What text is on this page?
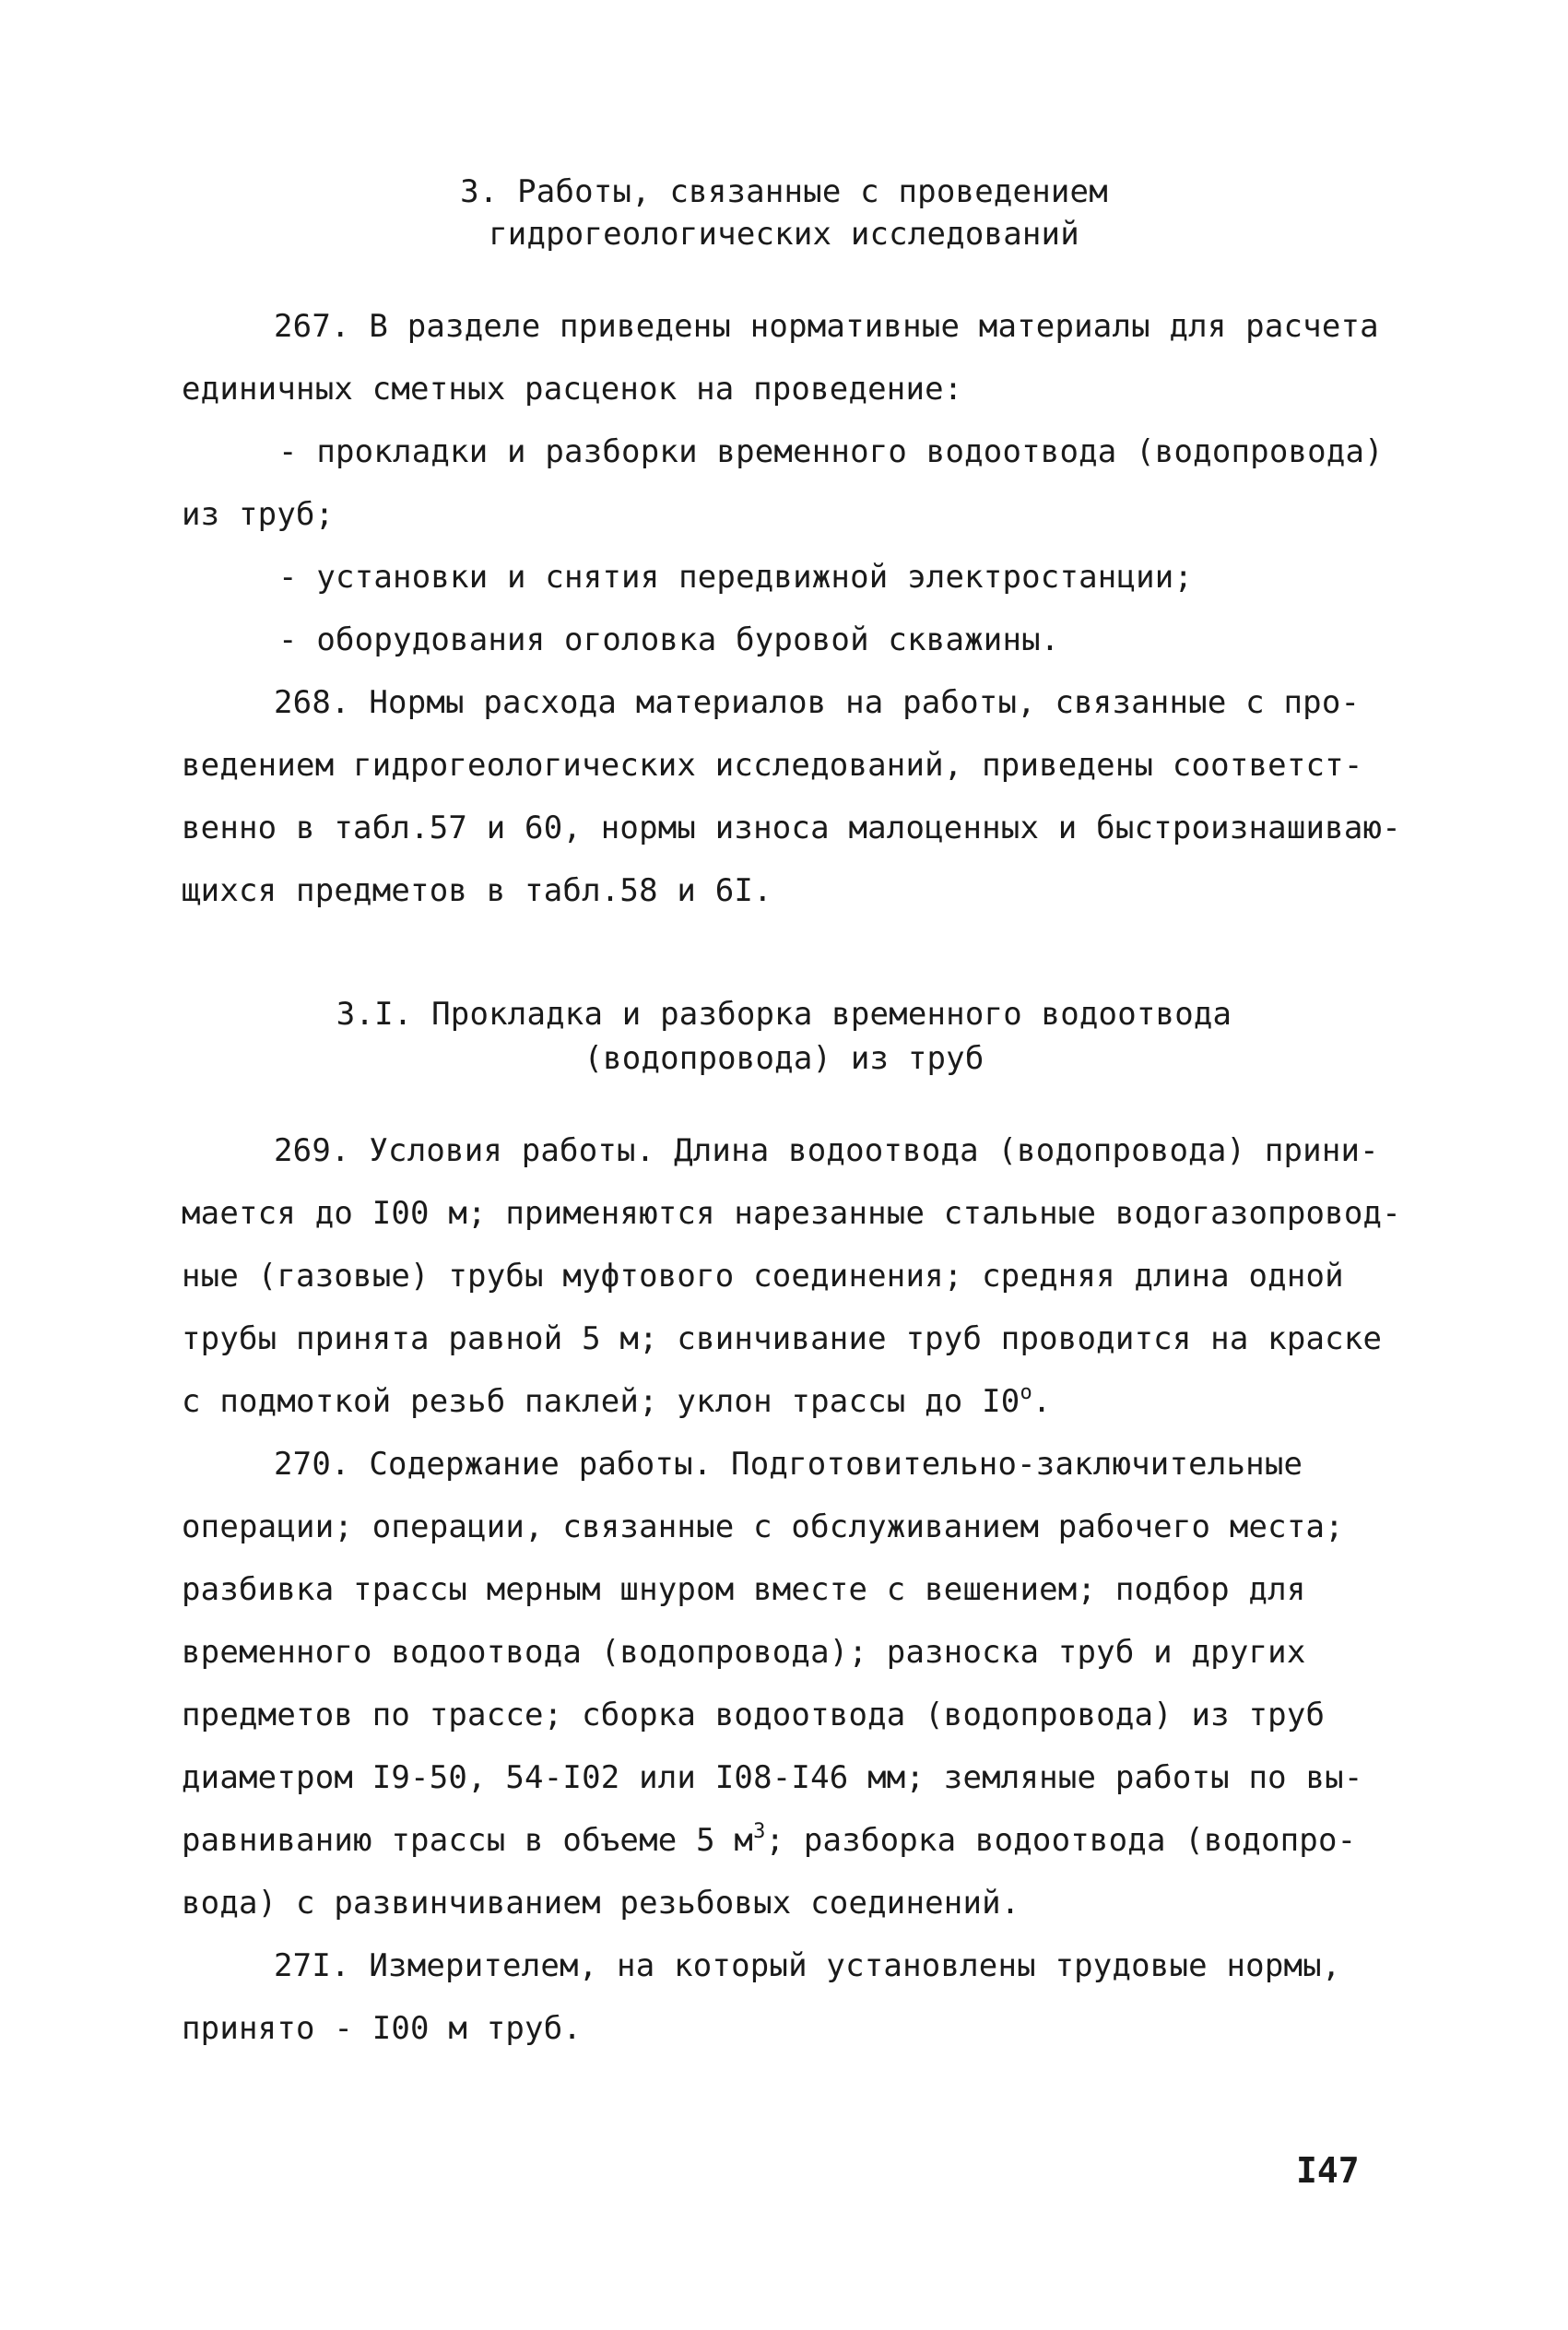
3. Работы, связанные с проведением
гидрогеологических исследований
267. В разделе приведены нормативные материалы для расчета
единичных сметных расценок на проведение:
- прокладки и разборки временного водоотвода (водопровода)
из труб;
- установки и снятия передвижной электростанции;
- оборудования оголовка буровой скважины.
268. Нормы расхода материалов на работы, связанные с про-
ведением гидрогеологических исследований, приведены соответст-
венно в табл.57 и 60, нормы износа малоценных и быстроизнашиваю-
щихся предметов в табл.58 и 6I.
3.I. Прокладка и разборка временного водоотвода
(водопровода) из труб
269. Условия работы. Длина водоотвода (водопровода) прини-
мается до I00 м; применяются нарезанные стальные водогазопровод-
ные (газовые) трубы муфтового соединения; средняя длина одной
трубы принята равной 5 м; свинчивание труб проводится на краске
с подмоткой резьб паклей; уклон трассы до $I0^о$.
270. Содержание работы. Подготовительно-заключительные
операции; операции, связанные с обслуживанием рабочего места;
разбивка трассы мерным шнуром вместе с вешением; подбор для
временного водоотвода (водопровода); разноска труб и других
предметов по трассе; сборка водоотвода (водопровода) из труб
диаметром I9-50, 54-I02 или I08-I46 мм; земляные работы по вы-
равниванию трассы в объеме 5 $м^3$; разборка водоотвода (водопро-
вода) с развинчиванием резьбовых соединений.
27I. Измерителем, на который установлены трудовые нормы,
принято - I00 м труб.
I47
